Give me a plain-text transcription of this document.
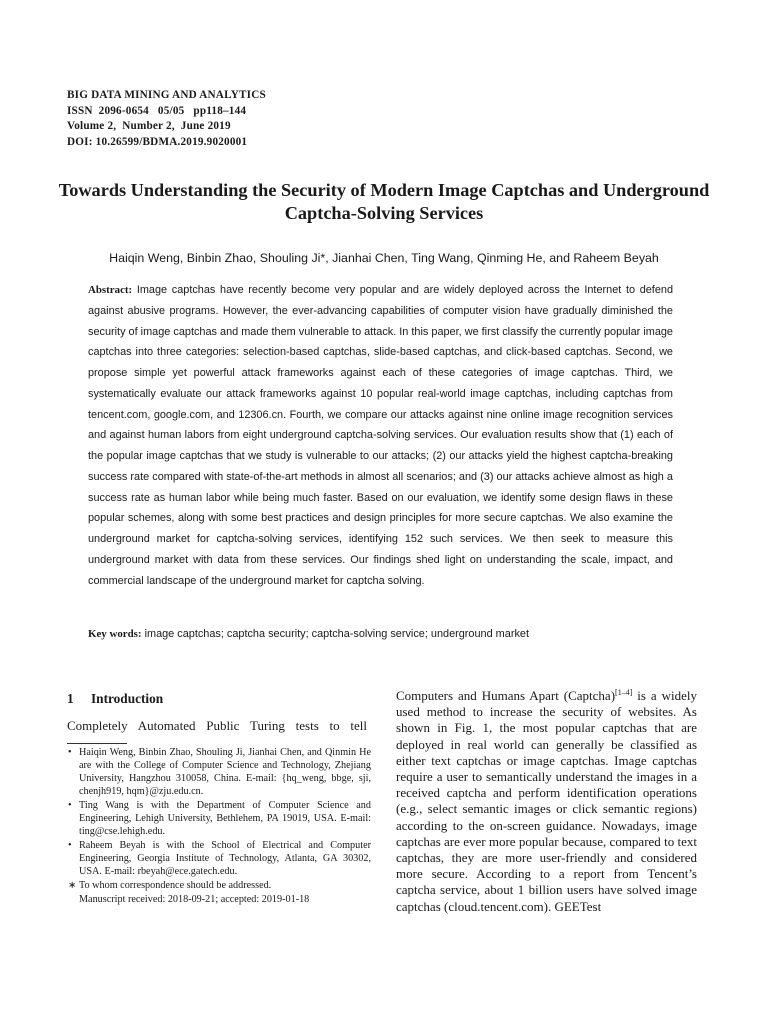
BIG DATA MINING AND ANALYTICS
ISSN  2096-0654   05/05   pp118–144
Volume 2,  Number 2,  June 2019
DOI: 10.26599/BDMA.2019.9020001
Towards Understanding the Security of Modern Image Captchas and Underground Captcha-Solving Services
Haiqin Weng, Binbin Zhao, Shouling Ji*, Jianhai Chen, Ting Wang, Qinming He, and Raheem Beyah
Abstract: Image captchas have recently become very popular and are widely deployed across the Internet to defend against abusive programs. However, the ever-advancing capabilities of computer vision have gradually diminished the security of image captchas and made them vulnerable to attack. In this paper, we first classify the currently popular image captchas into three categories: selection-based captchas, slide-based captchas, and click-based captchas. Second, we propose simple yet powerful attack frameworks against each of these categories of image captchas. Third, we systematically evaluate our attack frameworks against 10 popular real-world image captchas, including captchas from tencent.com, google.com, and 12306.cn. Fourth, we compare our attacks against nine online image recognition services and against human labors from eight underground captcha-solving services. Our evaluation results show that (1) each of the popular image captchas that we study is vulnerable to our attacks; (2) our attacks yield the highest captcha-breaking success rate compared with state-of-the-art methods in almost all scenarios; and (3) our attacks achieve almost as high a success rate as human labor while being much faster. Based on our evaluation, we identify some design flaws in these popular schemes, along with some best practices and design principles for more secure captchas. We also examine the underground market for captcha-solving services, identifying 152 such services. We then seek to measure this underground market with data from these services. Our findings shed light on understanding the scale, impact, and commercial landscape of the underground market for captcha solving.
Key words: image captchas; captcha security; captcha-solving service; underground market
1 Introduction
Completely Automated Public Turing tests to tell
• Haiqin Weng, Binbin Zhao, Shouling Ji, Jianhai Chen, and Qinmin He are with the College of Computer Science and Technology, Zhejiang University, Hangzhou 310058, China. E-mail: {hq_weng, bbge, sji, chenjh919, hqm}@zju.edu.cn.
• Ting Wang is with the Department of Computer Science and Engineering, Lehigh University, Bethlehem, PA 19019, USA. E-mail: ting@cse.lehigh.edu.
• Raheem Beyah is with the School of Electrical and Computer Engineering, Georgia Institute of Technology, Atlanta, GA 30302, USA. E-mail: rbeyah@ece.gatech.edu.
∗ To whom correspondence should be addressed.
Manuscript received: 2018-09-21; accepted: 2019-01-18
Computers and Humans Apart (Captcha)[1–4] is a widely used method to increase the security of websites. As shown in Fig. 1, the most popular captchas that are deployed in real world can generally be classified as either text captchas or image captchas. Image captchas require a user to semantically understand the images in a received captcha and perform identification operations (e.g., select semantic images or click semantic regions) according to the on-screen guidance. Nowadays, image captchas are ever more popular because, compared to text captchas, they are more user-friendly and considered more secure. According to a report from Tencent’s captcha service, about 1 billion users have solved image captchas (cloud.tencent.com). GEETest
